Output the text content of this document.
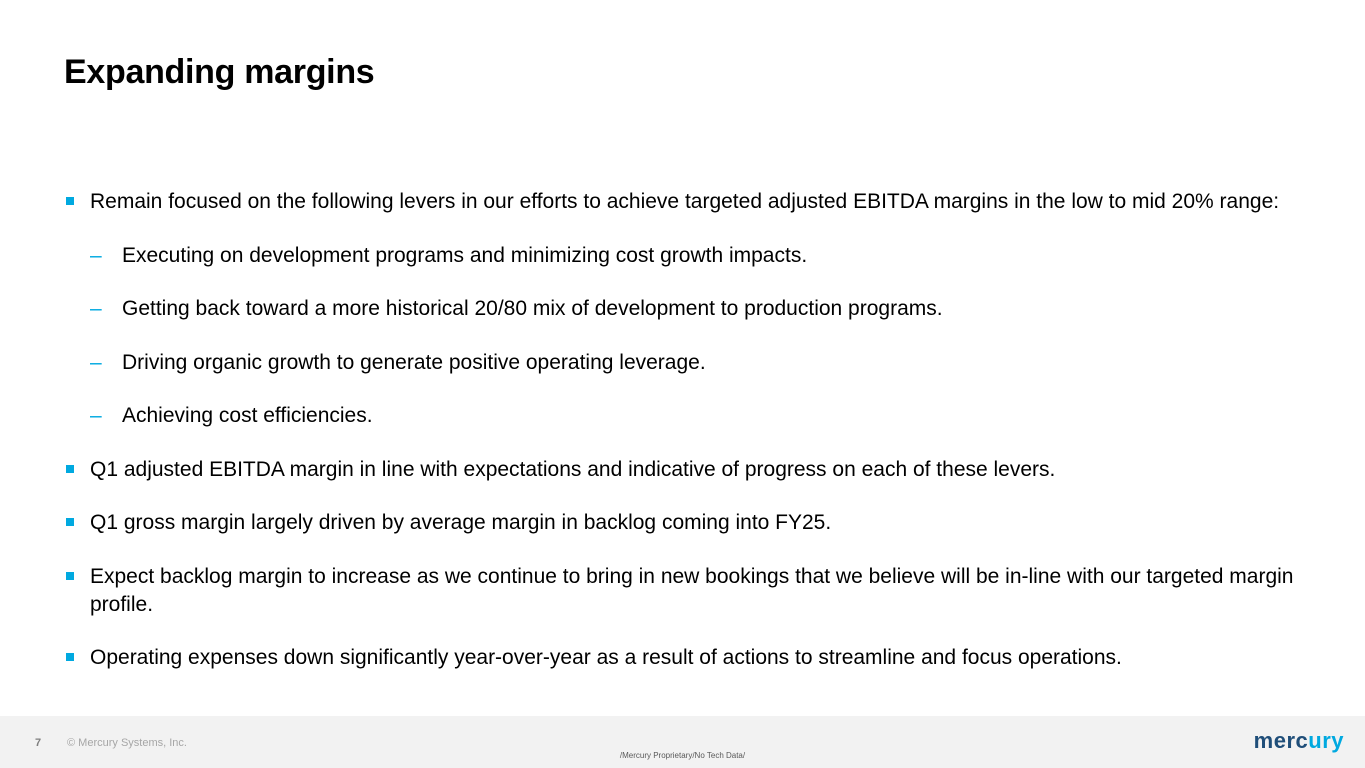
Expanding margins
Remain focused on the following levers in our efforts to achieve targeted adjusted EBITDA margins in the low to mid 20% range:
– Executing on development programs and minimizing cost growth impacts.
– Getting back toward a more historical 20/80 mix of development to production programs.
– Driving organic growth to generate positive operating leverage.
– Achieving cost efficiencies.
Q1 adjusted EBITDA margin in line with expectations and indicative of progress on each of these levers.
Q1 gross margin largely driven by average margin in backlog coming into FY25.
Expect backlog margin to increase as we continue to bring in new bookings that we believe will be in-line with our targeted margin profile.
Operating expenses down significantly year-over-year as a result of actions to streamline and focus operations.
7 © Mercury Systems, Inc.
/Mercury Proprietary/No Tech Data/
mercury
